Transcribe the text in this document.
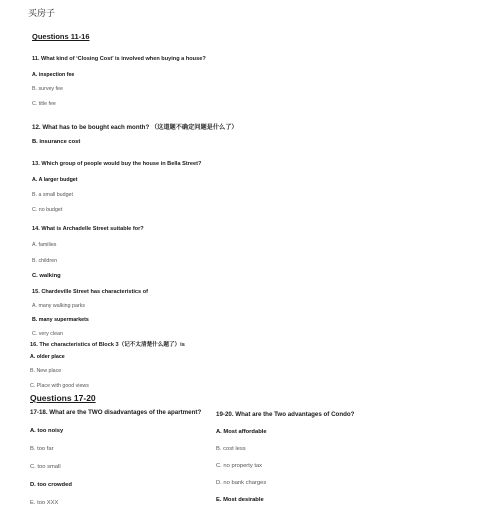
买房子
Questions 11-16
11. What kind of ‘Closing Cost’ is involved when buying a house?
A. inspection fee
B. survey fee
C. title fee
12. What has to be bought each month? （这道题不确定问题是什么了）
B. insurance cost
13. Which group of people would buy the house in Bella Street?
A. A larger budget
B. a small budget
C. no budget
14. What is Archadelle Street suitable for?
A. families
B. children
C. walking
15. Chardeville Street has characteristics of
A. many walking parks
B. many supermarkets
C. very clean
16. The characteristics of Block 3（记不太清楚什么题了）is
A. older place
B. New place
C. Place with good views
Questions 17-20
17-18. What are the TWO disadvantages of the apartment?
A. too noisy
B. too far
C. too small
D. too crowded
E. too XXX
19-20. What are the Two advantages of Condo?
A. Most affordable
B. cost less
C. no property tax
D. no bank charges
E. Most desirable
